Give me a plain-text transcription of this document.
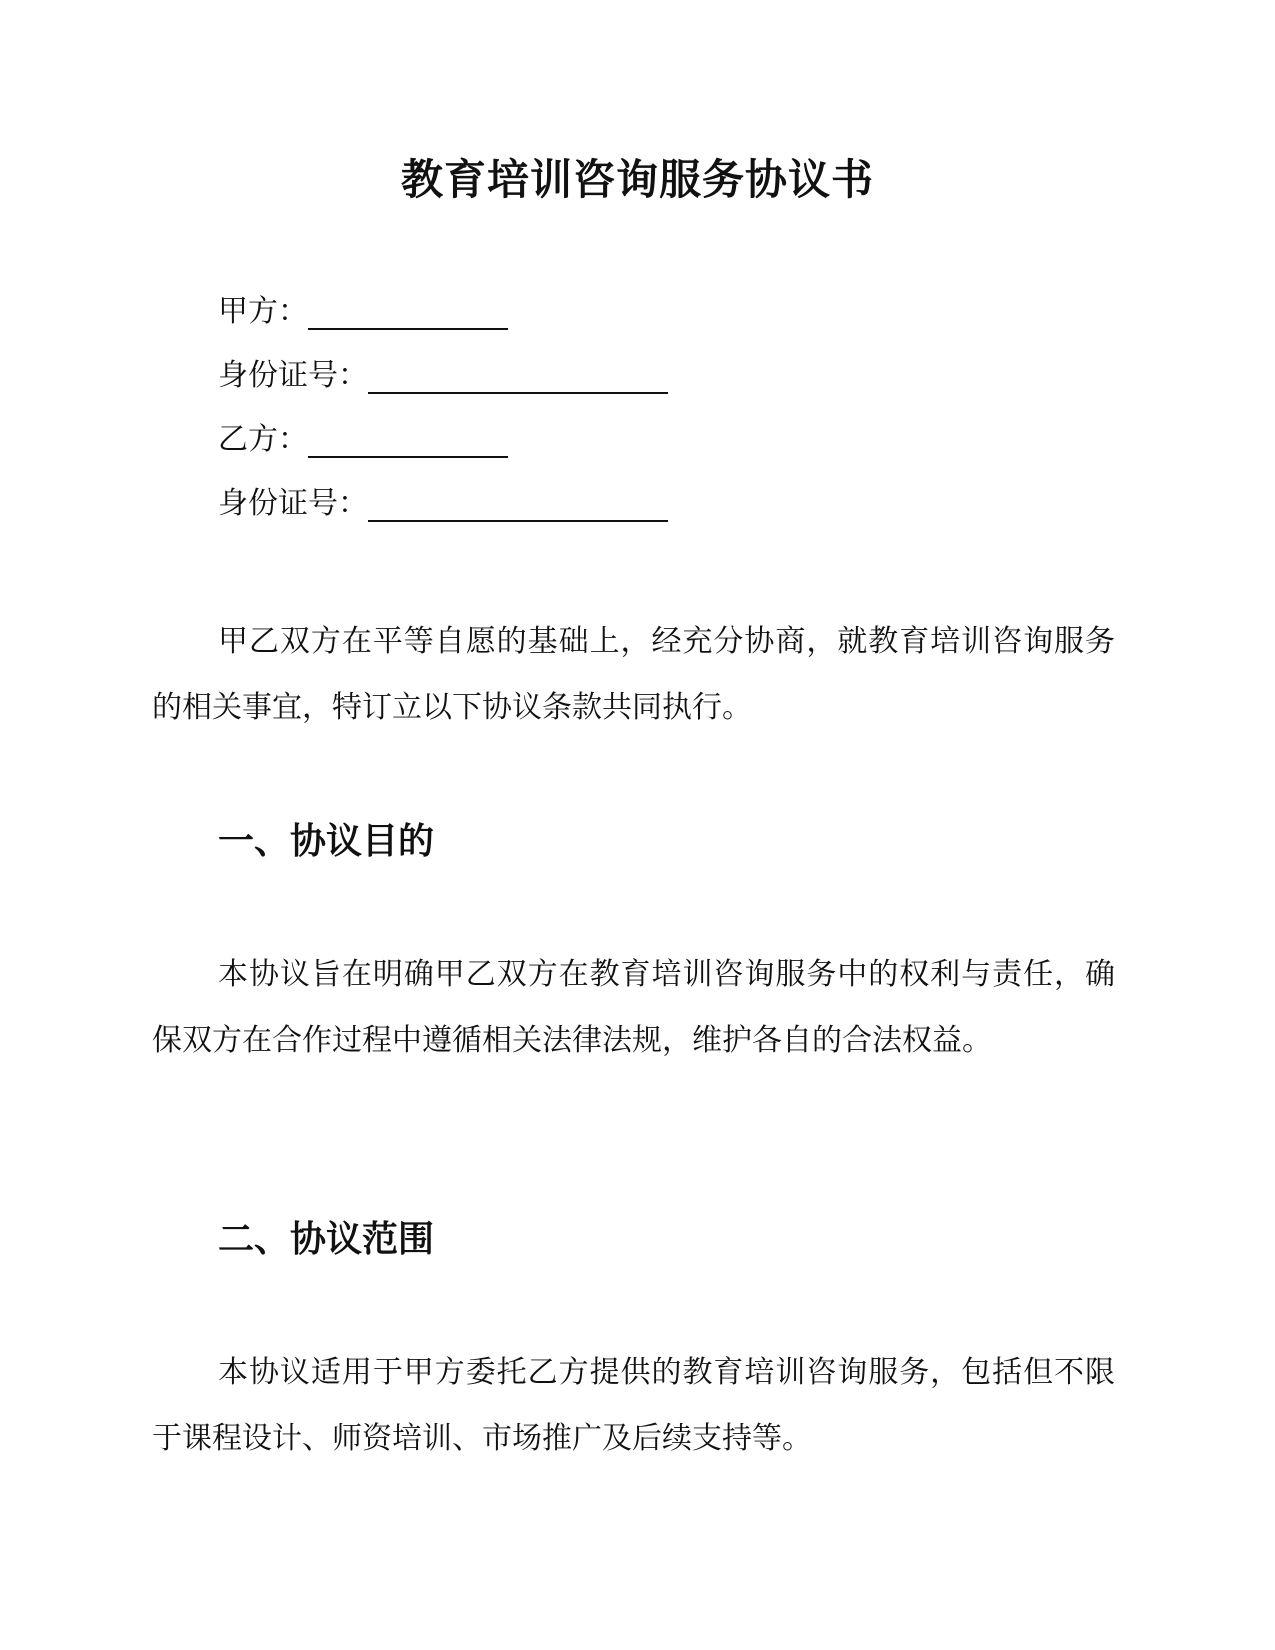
教育培训咨询服务协议书
甲方：
身份证号：
乙方：
身份证号：

甲乙双方在平等自愿的基础上，经充分协商，就教育培训咨询服务的相关事宜，特订立以下协议条款共同执行。

一、协议目的

本协议旨在明确甲乙双方在教育培训咨询服务中的权利与责任，确保双方在合作过程中遵循相关法律法规，维护各自的合法权益。

二、协议范围

本协议适用于甲方委托乙方提供的教育培训咨询服务，包括但不限于课程设计、师资培训、市场推广及后续支持等。
